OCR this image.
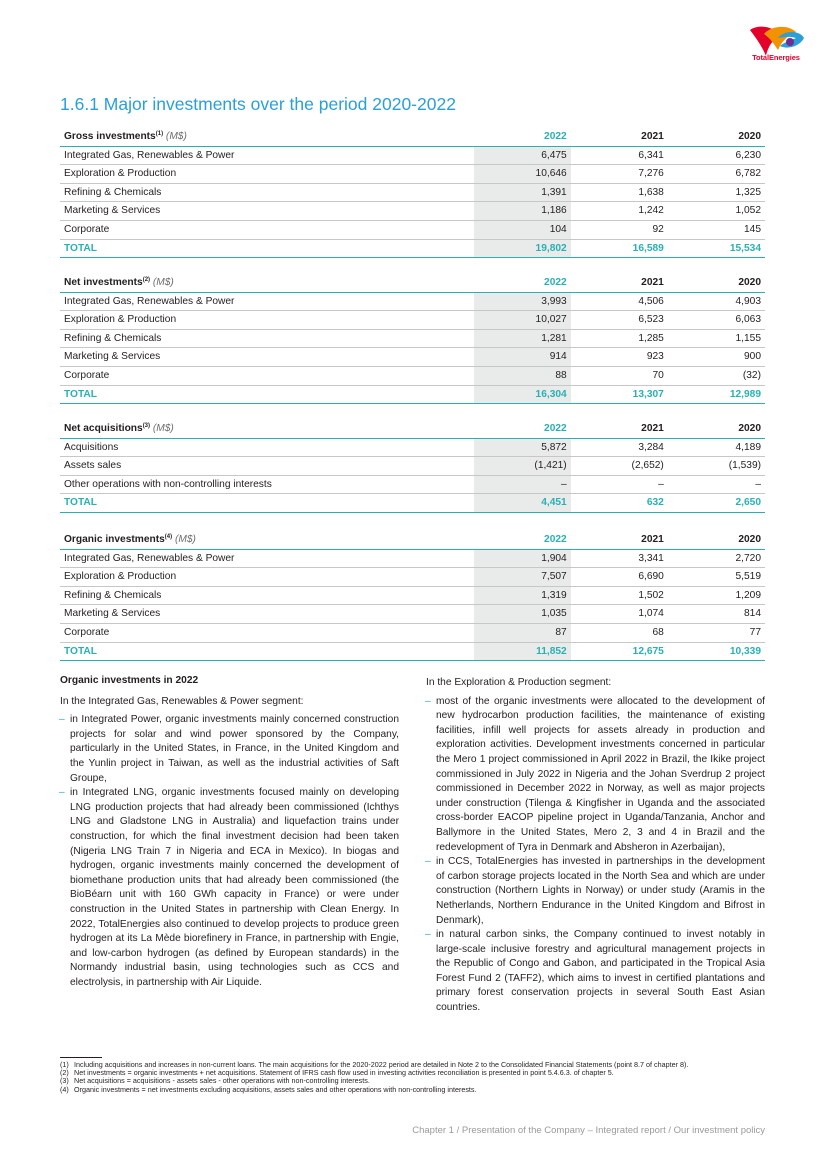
TotalEnergies
1.6.1 Major investments over the period 2020-2022
Gross investments$^{(1)}$ (M$)	2022	2021	2020
Integrated Gas, Renewables & Power	6,475	6,341	6,230
Exploration & Production	10,646	7,276	6,782
Refining & Chemicals	1,391	1,638	1,325
Marketing & Services	1,186	1,242	1,052
Corporate	104	92	145
TOTAL	19,802	16,589	15,534
Net investments$^{(2)}$ (M$)	2022	2021	2020
Integrated Gas, Renewables & Power	3,993	4,506	4,903
Exploration & Production	10,027	6,523	6,063
Refining & Chemicals	1,281	1,285	1,155
Marketing & Services	914	923	900
Corporate	88	70	(32)
TOTAL	16,304	13,307	12,989
Net acquisitions$^{(3)}$ (M$)	2022	2021	2020
Acquisitions	5,872	3,284	4,189
Assets sales	(1,421)	(2,652)	(1,539)
Other operations with non-controlling interests	–	–	–
TOTAL	4,451	632	2,650
Organic investments$^{(4)}$ (M$)	2022	2021	2020
Integrated Gas, Renewables & Power	1,904	3,341	2,720
Exploration & Production	7,507	6,690	5,519
Refining & Chemicals	1,319	1,502	1,209
Marketing & Services	1,035	1,074	814
Corporate	87	68	77
TOTAL	11,852	12,675	10,339
Organic investments in 2022

In the Integrated Gas, Renewables & Power segment:

– in Integrated Power, organic investments mainly concerned construction projects for solar and wind power sponsored by the Company, particularly in the United States, in France, in the United Kingdom and the Yunlin project in Taiwan, as well as the industrial activities of Saft Groupe,
– in Integrated LNG, organic investments focused mainly on developing LNG production projects that had already been commissioned (Ichthys LNG and Gladstone LNG in Australia) and liquefaction trains under construction, for which the final investment decision had been taken (Nigeria LNG Train 7 in Nigeria and ECA in Mexico). In biogas and hydrogen, organic investments mainly concerned the development of biomethane production units that had already been commissioned (the BioBéarn unit with 160 GWh capacity in France) or were under construction in the United States in partnership with Clean Energy. In 2022, TotalEnergies also continued to develop projects to produce green hydrogen at its La Mède biorefinery in France, in partnership with Engie, and low-carbon hydrogen (as defined by European standards) in the Normandy industrial basin, using technologies such as CCS and electrolysis, in partnership with Air Liquide.

In the Exploration & Production segment:

– most of the organic investments were allocated to the development of new hydrocarbon production facilities, the maintenance of existing facilities, infill well projects for assets already in production and exploration activities. Development investments concerned in particular the Mero 1 project commissioned in April 2022 in Brazil, the Ikike project commissioned in July 2022 in Nigeria and the Johan Sverdrup 2 project commissioned in December 2022 in Norway, as well as major projects under construction (Tilenga & Kingfisher in Uganda and the associated cross-border EACOP pipeline project in Uganda/Tanzania, Anchor and Ballymore in the United States, Mero 2, 3 and 4 in Brazil and the redevelopment of Tyra in Denmark and Absheron in Azerbaijan),
– in CCS, TotalEnergies has invested in partnerships in the development of carbon storage projects located in the North Sea and which are under construction (Northern Lights in Norway) or under study (Aramis in the Netherlands, Northern Endurance in the United Kingdom and Bifrost in Denmark),
– in natural carbon sinks, the Company continued to invest notably in large-scale inclusive forestry and agricultural management projects in the Republic of Congo and Gabon, and participated in the Tropical Asia Forest Fund 2 (TAFF2), which aims to invest in certified plantations and primary forest conservation projects in several South East Asian countries.
(1) Including acquisitions and increases in non-current loans. The main acquisitions for the 2020-2022 period are detailed in Note 2 to the Consolidated Financial Statements (point 8.7 of chapter 8).
(2) Net investments = organic investments + net acquisitions. Statement of IFRS cash flow used in investing activities reconciliation is presented in point 5.4.6.3. of chapter 5.
(3) Net acquisitions = acquisitions - assets sales - other operations with non-controlling interests.
(4) Organic investments = net investments excluding acquisitions, assets sales and other operations with non-controlling interests.
Chapter 1 / Presentation of the Company – Integrated report / Our investment policy
